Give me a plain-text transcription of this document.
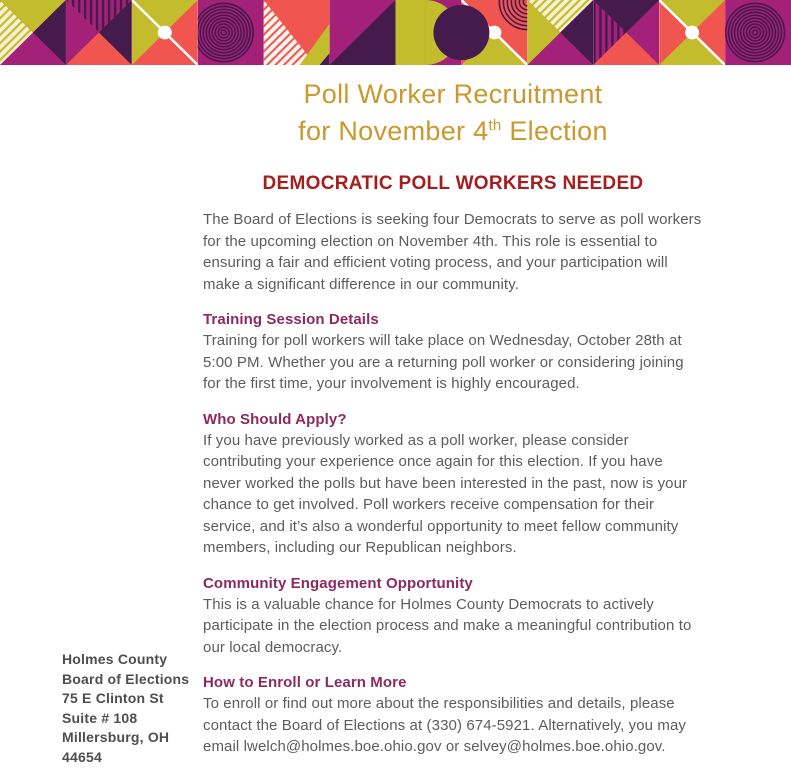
Poll Worker Recruitment
for November 4th Election
DEMOCRATIC POLL WORKERS NEEDED

The Board of Elections is seeking four Democrats to serve as poll workers for the upcoming election on November 4th. This role is essential to ensuring a fair and efficient voting process, and your participation will make a significant difference in our community.

Training Session Details

Training for poll workers will take place on Wednesday, October 28th at 5:00 PM. Whether you are a returning poll worker or considering joining for the first time, your involvement is highly encouraged.

Who Should Apply?

If you have previously worked as a poll worker, please consider contributing your experience once again for this election. If you have never worked the polls but have been interested in the past, now is your chance to get involved. Poll workers receive compensation for their service, and it’s also a wonderful opportunity to meet fellow community members, including our Republican neighbors.

Community Engagement Opportunity

This is a valuable chance for Holmes County Democrats to actively participate in the election process and make a meaningful contribution to our local democracy.

How to Enroll or Learn More

To enroll or find out more about the responsibilities and details, please contact the Board of Elections at (330) 674-5921. Alternatively, you may email lwelch@holmes.boe.ohio.gov or selvey@holmes.boe.ohio.gov.

Holmes County
Board of Elections
75 E Clinton St
Suite # 108
Millersburg, OH
44654
